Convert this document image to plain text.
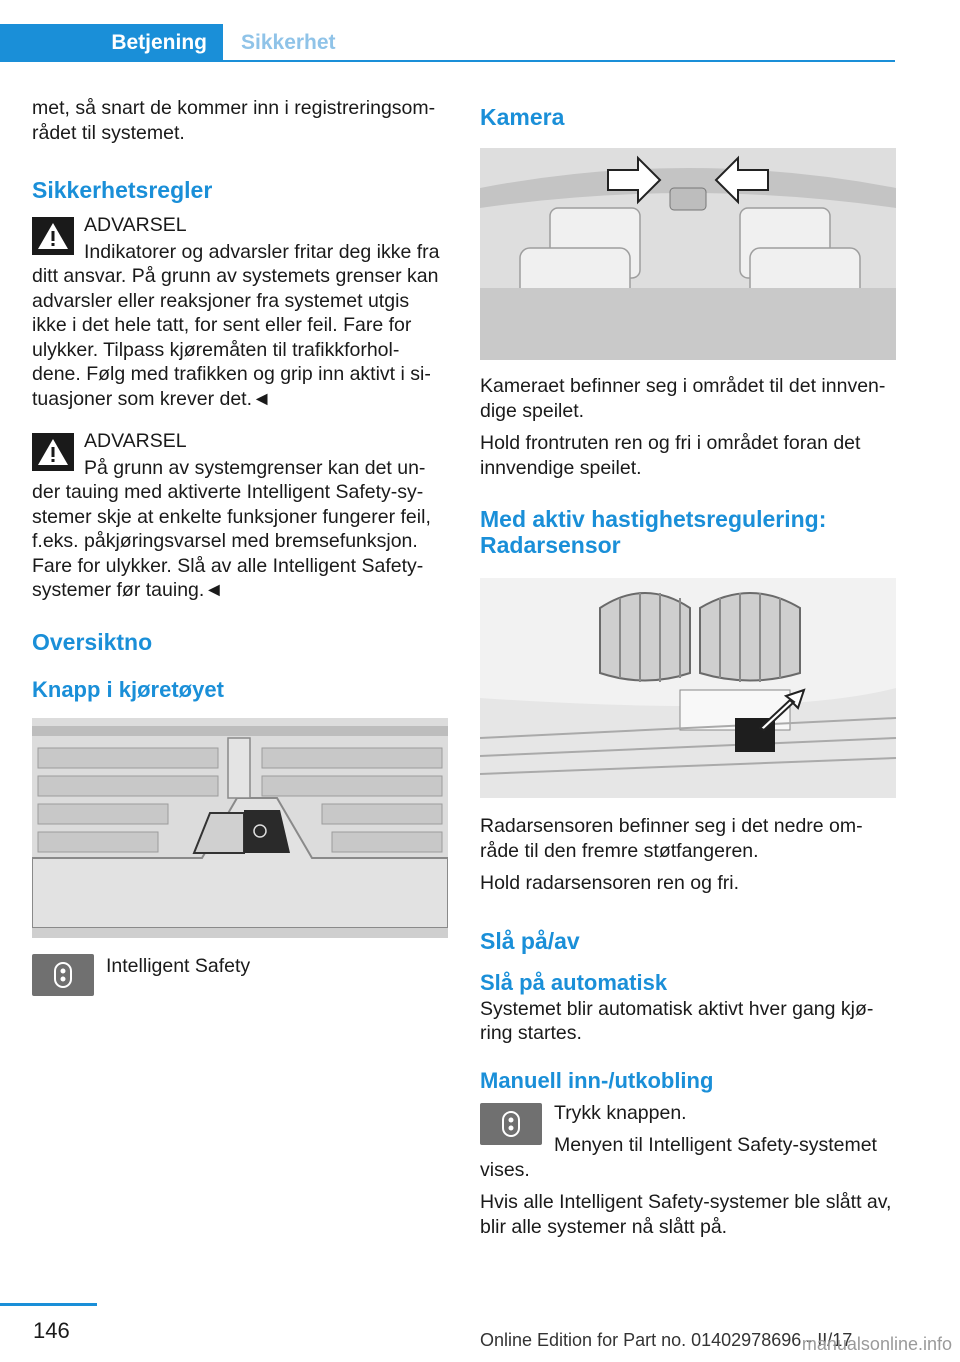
Betjening	Sikkerhet

met, så snart de kommer inn i registreringsom-
rådet til systemet.

Sikkerhetsregler
ADVARSEL
Indikatorer og advarsler fritar deg ikke fra ditt ansvar. På grunn av systemets grenser kan advarsler eller reaksjoner fra systemet utgis ikke i det hele tatt, for sent eller feil. Fare for ulykker. Tilpass kjøremåten til trafikkforhol-dene. Følg med trafikken og grip inn aktivt i si-tuasjoner som krever det.◄
ADVARSEL
På grunn av systemgrenser kan det un-der tauing med aktiverte Intelligent Safety-sy-stemer skje at enkelte funksjoner fungerer feil, f.eks. påkjøringsvarsel med bremsefunksjon. Fare for ulykker. Slå av alle Intelligent Safety-systemer før tauing.◄
Oversiktno
Knapp i kjøretøyet
Intelligent Safety
Kamera

Kameraet befinner seg i området til det innven-dige speilet.

Hold frontruten ren og fri i området foran det innvendige speilet.

Med aktiv hastighetsregulering: Radarsensor

Radarsensoren befinner seg i det nedre om-råde til den fremre støtfangeren.

Hold radarsensoren ren og fri.

Slå på/av
Slå på automatisk

Systemet blir automatisk aktivt hver gang kjø-ring startes.

Manuell inn-/utkobling

Trykk knappen.

Menyen til Intelligent Safety-systemet vises.

Hvis alle Intelligent Safety-systemer ble slått av, blir alle systemer nå slått på.

146	Online Edition for Part no. 01402978696 - II/17
manualsonline.info
